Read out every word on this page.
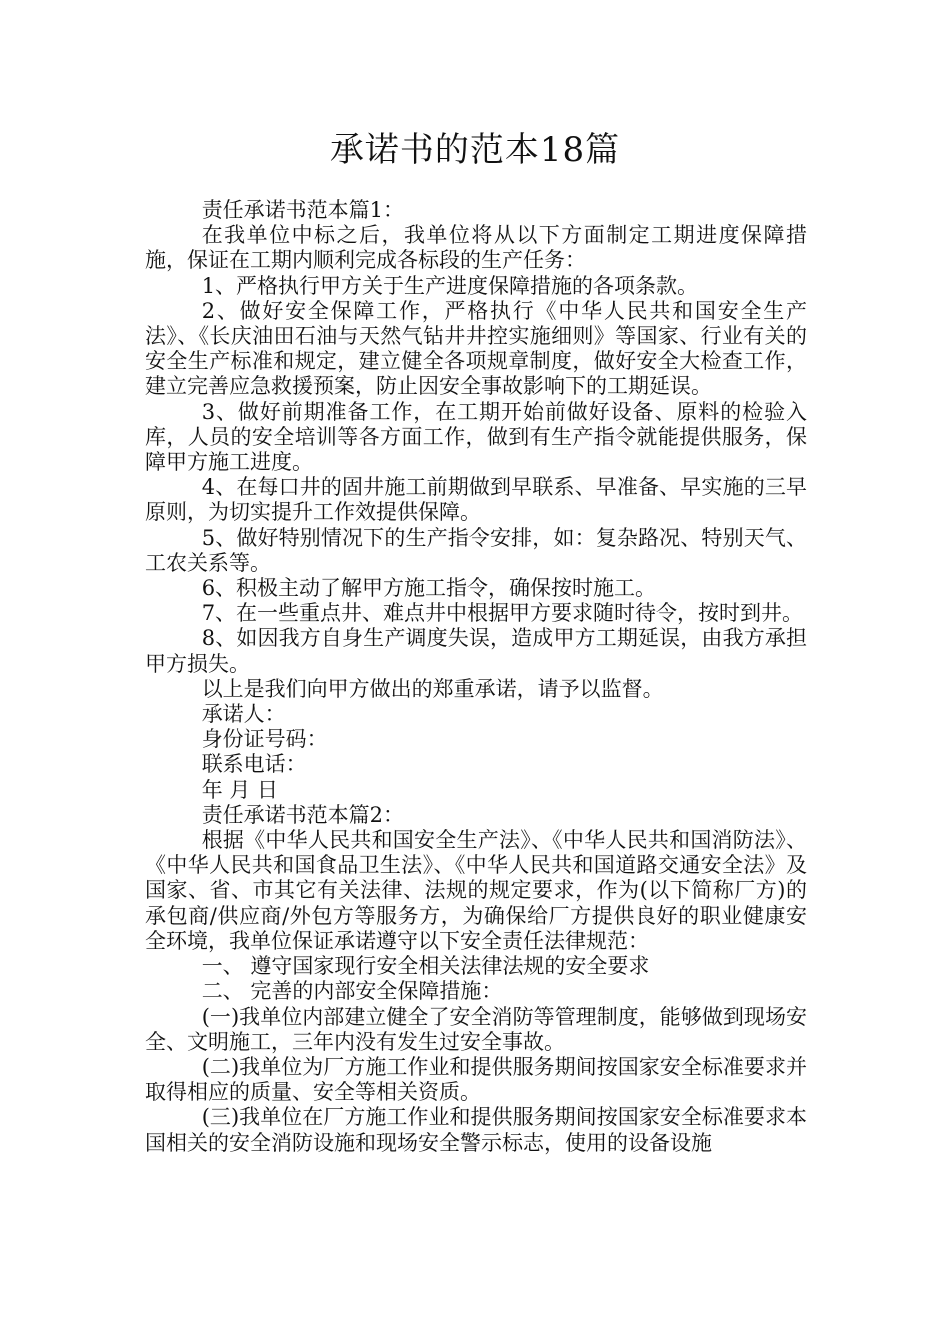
承诺书的范本18篇

责任承诺书范本篇1：

在我单位中标之后，我单位将从以下方面制定工期进度保障措施，保证在工期内顺利完成各标段的生产任务：

1、严格执行甲方关于生产进度保障措施的各项条款。

2、做好安全保障工作，严格执行《中华人民共和国安全生产法》、《长庆油田石油与天然气钻井井控实施细则》等国家、行业有关的安全生产标准和规定，建立健全各项规章制度，做好安全大检查工作，建立完善应急救援预案，防止因安全事故影响下的工期延误。

3、做好前期准备工作，在工期开始前做好设备、原料的检验入库，人员的安全培训等各方面工作，做到有生产指令就能提供服务，保障甲方施工进度。

4、在每口井的固井施工前期做到早联系、早准备、早实施的三早原则，为切实提升工作效提供保障。

5、做好特别情况下的生产指令安排，如：复杂路况、特别天气、工农关系等。

6、积极主动了解甲方施工指令，确保按时施工。

7、在一些重点井、难点井中根据甲方要求随时待令，按时到井。

8、如因我方自身生产调度失误，造成甲方工期延误，由我方承担甲方损失。

以上是我们向甲方做出的郑重承诺，请予以监督。

承诺人：

身份证号码：

联系电话：

年 月 日

责任承诺书范本篇2：

根据《中华人民共和国安全生产法》、《中华人民共和国消防法》、《中华人民共和国食品卫生法》、《中华人民共和国道路交通安全法》及国家、省、市其它有关法律、法规的规定要求，作为(以下简称厂方)的承包商/供应商/外包方等服务方，为确保给厂方提供良好的职业健康安全环境，我单位保证承诺遵守以下安全责任法律规范：

一、 遵守国家现行安全相关法律法规的安全要求

二、 完善的内部安全保障措施：

(一)我单位内部建立健全了安全消防等管理制度，能够做到现场安全、文明施工，三年内没有发生过安全事故。

(二)我单位为厂方施工作业和提供服务期间按国家安全标准要求并取得相应的质量、安全等相关资质。

(三)我单位在厂方施工作业和提供服务期间按国家安全标准要求本国相关的安全消防设施和现场安全警示标志，使用的设备设施
